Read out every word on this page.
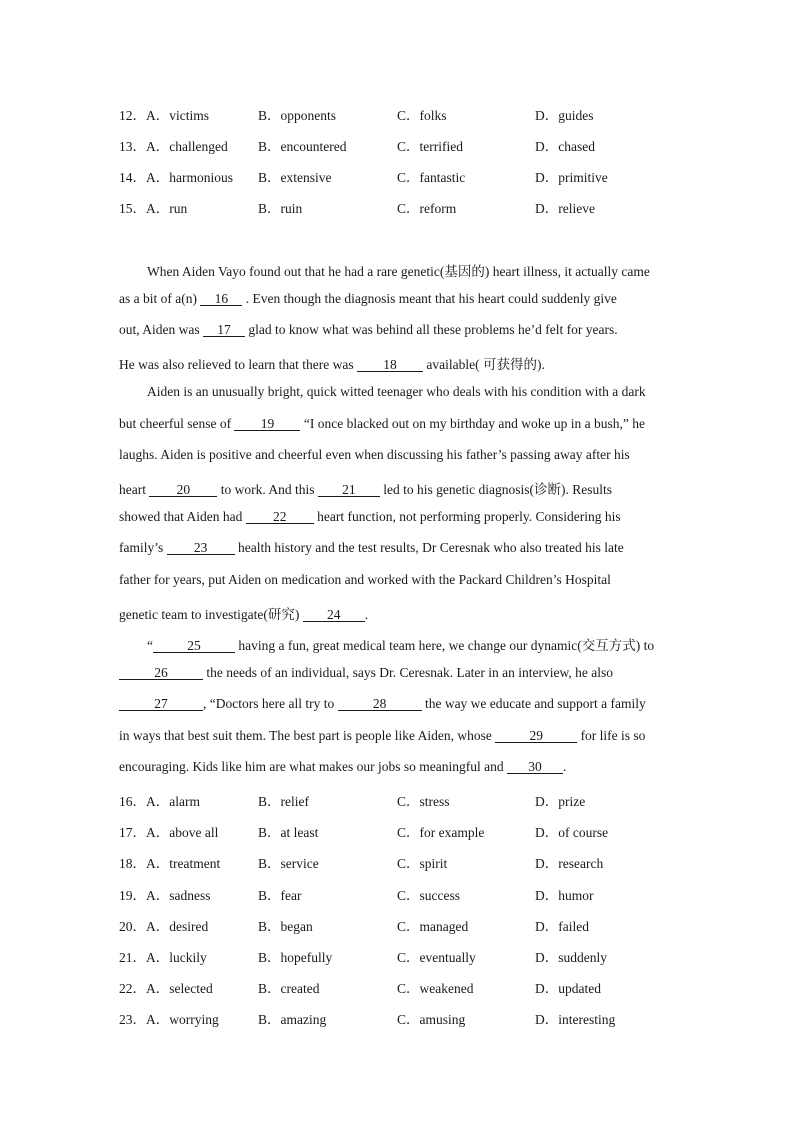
12．A．victims	B．opponents	C．folks	D．guides
13．A．challenged B．encountered	C．terrified	D．chased
14．A．harmonious B．extensive	C．fantastic	D．primitive
15．A．run	B．ruin	C．reform	D．relieve
When Aiden Vayo found out that he had a rare genetic(基因的) heart illness, it actually came
as a bit of a(n) 16 . Even though the diagnosis meant that his heart could suddenly give
out, Aiden was 17 glad to know what was behind all these problems he’d felt for years.
He was also relieved to learn that there was 18 available( 可获得的).
Aiden is an unusually bright, quick witted teenager who deals with his condition with a dark
but cheerful sense of 19 “I once blacked out on my birthday and woke up in a bush,” he
laughs. Aiden is positive and cheerful even when discussing his father’s passing away after his
heart 20 to work. And this 21 led to his genetic diagnosis(诊断). Results
showed that Aiden had 22 heart function, not performing properly. Considering his
family’s 23 health history and the test results, Dr Ceresnak who also treated his late
father for years, put Aiden on medication and worked with the Packard Children’s Hospital
genetic team to investigate(研究) 24 .
“	25	having a fun, great medical team here, we change our dynamic(交互方式) to
26	the needs of an individual, says Dr. Ceresnak. Later in an interview, he also
27	, “Doctors here all try to	28	the way we educate and support a family
in ways that best suit them. The best part is people like Aiden, whose	29	for life is so
encouraging. Kids like him are what makes our jobs so meaningful and 30 .
16．A．alarm	B．relief	C．stress	D．prize
17．A．above all	B．at least	C．for example	D．of course
18．A．treatment	B．service	C．spirit	D．research
19．A．sadness	B．fear	C．success	D．humor
20．A．desired	B．began	C．managed	D．failed
21．A．luckily	B．hopefully	C．eventually	D．suddenly
22．A．selected	B．created	C．weakened	D．updated
23．A．worrying	B．amazing	C．amusing	D．interesting
